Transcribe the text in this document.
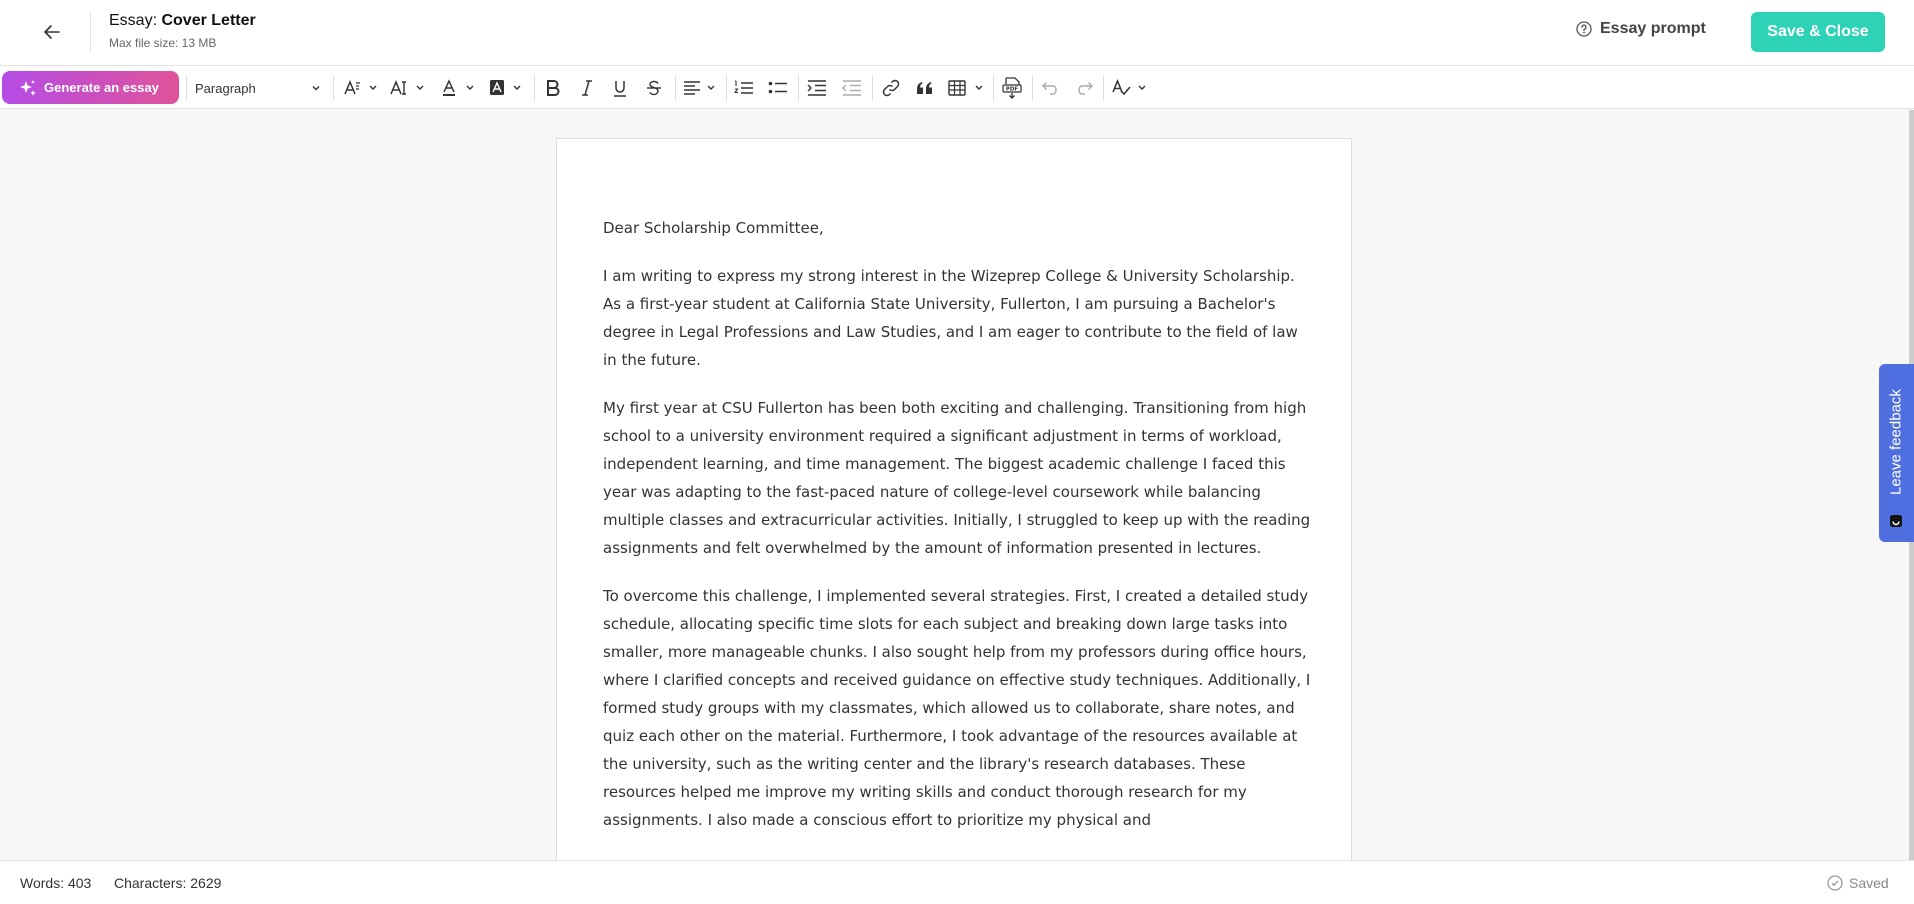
Essay: Cover Letter
Max file size: 13 MB
Essay prompt	Save & Close
Generate an essay	Paragraph	PDF

Dear Scholarship Committee,

I am writing to express my strong interest in the Wizeprep College & University Scholarship. As a first-year student at California State University, Fullerton, I am pursuing a Bachelor's degree in Legal Professions and Law Studies, and I am eager to contribute to the field of law in the future.

My first year at CSU Fullerton has been both exciting and challenging. Transitioning from high school to a university environment required a significant adjustment in terms of workload, independent learning, and time management. The biggest academic challenge I faced this year was adapting to the fast-paced nature of college-level coursework while balancing multiple classes and extracurricular activities. Initially, I struggled to keep up with the reading assignments and felt overwhelmed by the amount of information presented in lectures.

To overcome this challenge, I implemented several strategies. First, I created a detailed study schedule, allocating specific time slots for each subject and breaking down large tasks into smaller, more manageable chunks. I also sought help from my professors during office hours, where I clarified concepts and received guidance on effective study techniques. Additionally, I formed study groups with my classmates, which allowed us to collaborate, share notes, and quiz each other on the material. Furthermore, I took advantage of the resources available at the university, such as the writing center and the library's research databases. These resources helped me improve my writing skills and conduct thorough research for my assignments. I also made a conscious effort to prioritize my physical and

Leave feedback
Words: 403 Characters: 2629	Saved
